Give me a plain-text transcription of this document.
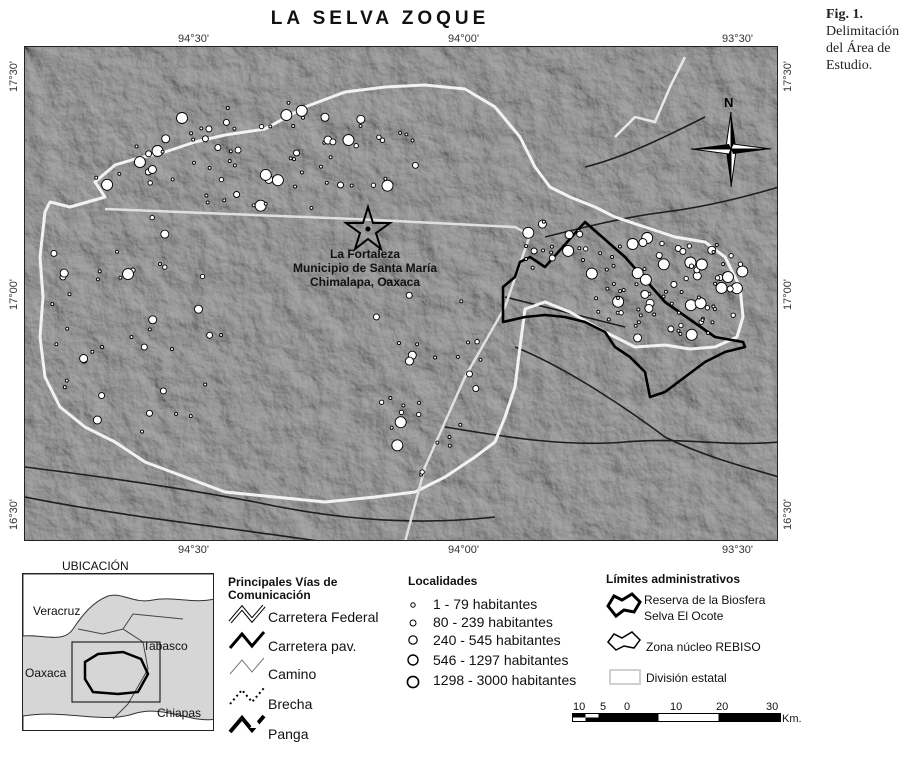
LA SELVA ZOQUE	Fig. 1.
Delimitación
del Área de
Estudio.
94°30'	94°00'	93°30'
94°30'	94°00'	93°30'
17°30'
17°00'
16°30'
17°30'
17°00'
16°30'
N
La Fortaleza
Municipio de Santa María
Chimalapa, Oaxaca
UBICACIÓN
Veracruz
Tabasco
Oaxaca
Chiapas
Principales Vías de
Comunicación
Carretera Federal
Carretera pav.
Camino
Brecha
Panga
Localidades
1 - 79 habitantes
80 - 239 habitantes
240 - 545 habitantes
546 - 1297 habitantes
1298 - 3000 habitantes
Límites administrativos
Reserva de la Biosfera
Selva El Ocote
Zona núcleo REBISO
División estatal
10 5 0	10	20	30
Km.
